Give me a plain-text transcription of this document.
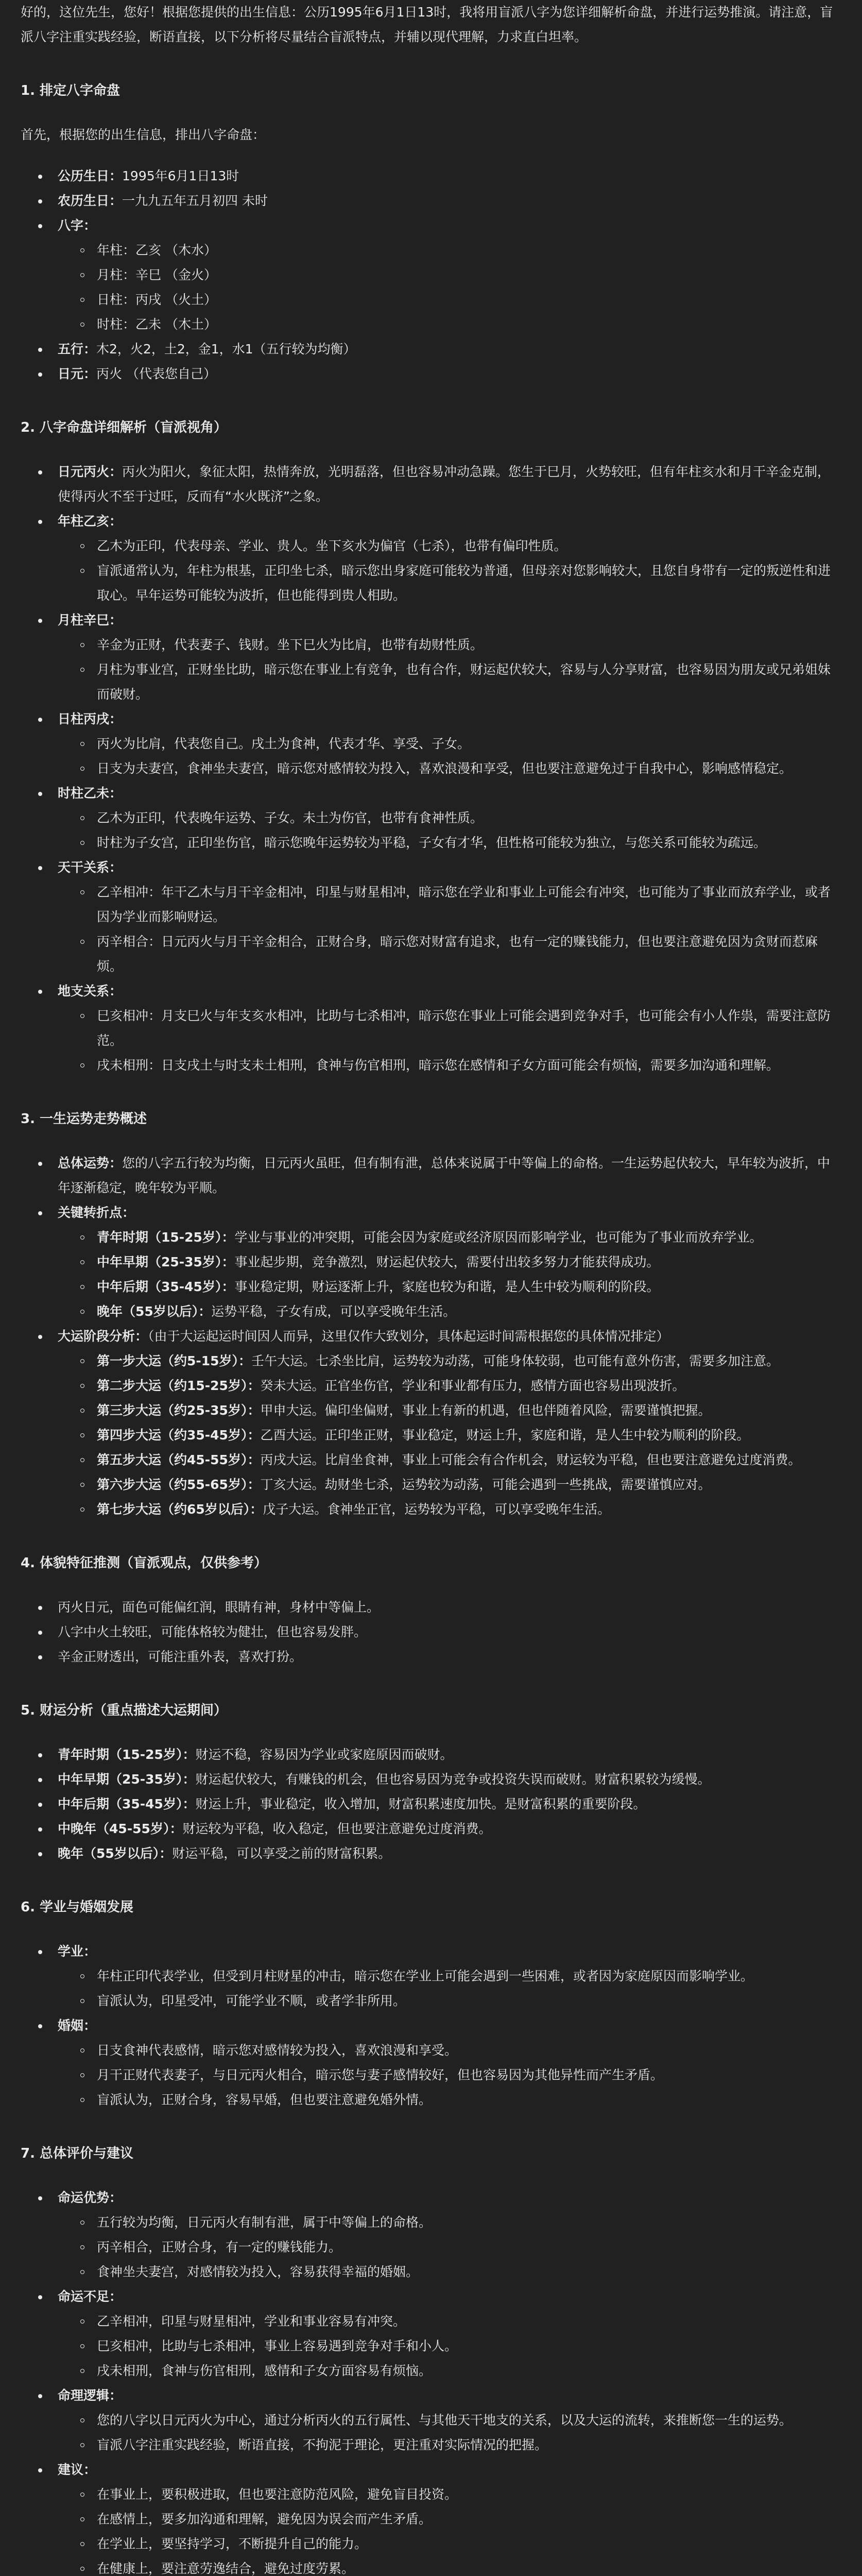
好的，这位先生，您好！根据您提供的出生信息：公历1995年6月1日13时，我将用盲派八字为您详细解析命盘，并进行运势推演。请注意，盲派八字注重实践经验，断语直接，以下分析将尽量结合盲派特点，并辅以现代理解，力求直白坦率。

1. 排定八字命盘

首先，根据您的出生信息，排出八字命盘：

公历生日：1995年6月1日13时
农历生日：一九九五年五月初四 未时
八字：
年柱：乙亥 （木水）
月柱：辛巳 （金火）
日柱：丙戌 （火土）
时柱：乙未 （木土）
五行：木2，火2，土2，金1，水1（五行较为均衡）
日元：丙火 （代表您自己）
2. 八字命盘详细解析（盲派视角）
日元丙火：丙火为阳火，象征太阳，热情奔放，光明磊落，但也容易冲动急躁。您生于巳月，火势较旺，但有年柱亥水和月干辛金克制，使得丙火不至于过旺，反而有“水火既济”之象。
年柱乙亥：
乙木为正印，代表母亲、学业、贵人。坐下亥水为偏官（七杀），也带有偏印性质。
盲派通常认为，年柱为根基，正印坐七杀，暗示您出身家庭可能较为普通，但母亲对您影响较大，且您自身带有一定的叛逆性和进取心。早年运势可能较为波折，但也能得到贵人相助。
月柱辛巳：
辛金为正财，代表妻子、钱财。坐下巳火为比肩，也带有劫财性质。
月柱为事业宫，正财坐比助，暗示您在事业上有竞争，也有合作，财运起伏较大，容易与人分享财富，也容易因为朋友或兄弟姐妹而破财。
日柱丙戌：
丙火为比肩，代表您自己。戌土为食神，代表才华、享受、子女。
日支为夫妻宫，食神坐夫妻宫，暗示您对感情较为投入，喜欢浪漫和享受，但也要注意避免过于自我中心，影响感情稳定。
时柱乙未：
乙木为正印，代表晚年运势、子女。未土为伤官，也带有食神性质。
时柱为子女宫，正印坐伤官，暗示您晚年运势较为平稳，子女有才华，但性格可能较为独立，与您关系可能较为疏远。
天干关系：
乙辛相冲：年干乙木与月干辛金相冲，印星与财星相冲，暗示您在学业和事业上可能会有冲突，也可能为了事业而放弃学业，或者因为学业而影响财运。
丙辛相合：日元丙火与月干辛金相合，正财合身，暗示您对财富有追求，也有一定的赚钱能力，但也要注意避免因为贪财而惹麻烦。
地支关系：
巳亥相冲：月支巳火与年支亥水相冲，比助与七杀相冲，暗示您在事业上可能会遇到竞争对手，也可能会有小人作祟，需要注意防范。
戌未相刑：日支戌土与时支未土相刑，食神与伤官相刑，暗示您在感情和子女方面可能会有烦恼，需要多加沟通和理解。
3. 一生运势走势概述
总体运势：您的八字五行较为均衡，日元丙火虽旺，但有制有泄，总体来说属于中等偏上的命格。一生运势起伏较大，早年较为波折，中年逐渐稳定，晚年较为平顺。
关键转折点：
青年时期（15-25岁）：学业与事业的冲突期，可能会因为家庭或经济原因而影响学业，也可能为了事业而放弃学业。
中年早期（25-35岁）：事业起步期，竞争激烈，财运起伏较大，需要付出较多努力才能获得成功。
中年后期（35-45岁）：事业稳定期，财运逐渐上升，家庭也较为和谐，是人生中较为顺利的阶段。
晚年（55岁以后）：运势平稳，子女有成，可以享受晚年生活。
大运阶段分析：（由于大运起运时间因人而异，这里仅作大致划分，具体起运时间需根据您的具体情况排定）
第一步大运（约5-15岁）：壬午大运。七杀坐比肩，运势较为动荡，可能身体较弱，也可能有意外伤害，需要多加注意。
第二步大运（约15-25岁）：癸未大运。正官坐伤官，学业和事业都有压力，感情方面也容易出现波折。
第三步大运（约25-35岁）：甲申大运。偏印坐偏财，事业上有新的机遇，但也伴随着风险，需要谨慎把握。
第四步大运（约35-45岁）：乙酉大运。正印坐正财，事业稳定，财运上升，家庭和谐，是人生中较为顺利的阶段。
第五步大运（约45-55岁）：丙戌大运。比肩坐食神，事业上可能会有合作机会，财运较为平稳，但也要注意避免过度消费。
第六步大运（约55-65岁）：丁亥大运。劫财坐七杀，运势较为动荡，可能会遇到一些挑战，需要谨慎应对。
第七步大运（约65岁以后）：戊子大运。食神坐正官，运势较为平稳，可以享受晚年生活。
4. 体貌特征推测（盲派观点，仅供参考）
丙火日元，面色可能偏红润，眼睛有神，身材中等偏上。
八字中火土较旺，可能体格较为健壮，但也容易发胖。
辛金正财透出，可能注重外表，喜欢打扮。
5. 财运分析（重点描述大运期间）
青年时期（15-25岁）：财运不稳，容易因为学业或家庭原因而破财。
中年早期（25-35岁）：财运起伏较大，有赚钱的机会，但也容易因为竞争或投资失误而破财。财富积累较为缓慢。
中年后期（35-45岁）：财运上升，事业稳定，收入增加，财富积累速度加快。是财富积累的重要阶段。
中晚年（45-55岁）：财运较为平稳，收入稳定，但也要注意避免过度消费。
晚年（55岁以后）：财运平稳，可以享受之前的财富积累。
6. 学业与婚姻发展
学业：
年柱正印代表学业，但受到月柱财星的冲击，暗示您在学业上可能会遇到一些困难，或者因为家庭原因而影响学业。
盲派认为，印星受冲，可能学业不顺，或者学非所用。
婚姻：
日支食神代表感情，暗示您对感情较为投入，喜欢浪漫和享受。
月干正财代表妻子，与日元丙火相合，暗示您与妻子感情较好，但也容易因为其他异性而产生矛盾。
盲派认为，正财合身，容易早婚，但也要注意避免婚外情。
7. 总体评价与建议
命运优势：
五行较为均衡，日元丙火有制有泄，属于中等偏上的命格。
丙辛相合，正财合身，有一定的赚钱能力。
食神坐夫妻宫，对感情较为投入，容易获得幸福的婚姻。
命运不足：
乙辛相冲，印星与财星相冲，学业和事业容易有冲突。
巳亥相冲，比助与七杀相冲，事业上容易遇到竞争对手和小人。
戌未相刑，食神与伤官相刑，感情和子女方面容易有烦恼。
命理逻辑：
您的八字以日元丙火为中心，通过分析丙火的五行属性、与其他天干地支的关系，以及大运的流转，来推断您一生的运势。
盲派八字注重实践经验，断语直接，不拘泥于理论，更注重对实际情况的把握。
建议：
在事业上，要积极进取，但也要注意防范风险，避免盲目投资。
在感情上，要多加沟通和理解，避免因为误会而产生矛盾。
在学业上，要坚持学习，不断提升自己的能力。
在健康上，要注意劳逸结合，避免过度劳累。
